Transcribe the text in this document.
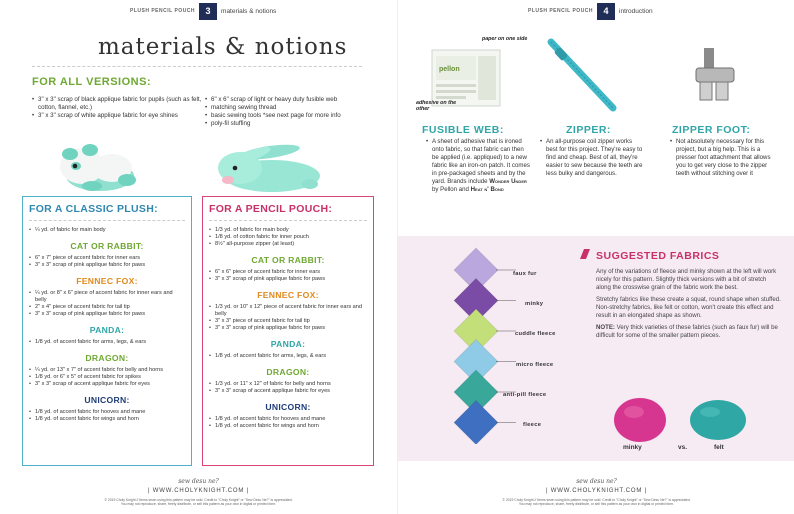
PLUSH PENCIL POUCH	3	materials & notions
materials & notions
FOR ALL VERSIONS:
• 3" x 3" scrap of black applique fabric for pupils (such as felt, cotton, flannel, etc.)
• 3" x 3" scrap of white applique fabric for eye shines
• 6" x 6" scrap of light or heavy duty fusible web
• matching sewing thread
• basic sewing tools *see next page for more info
• poly-fil stuffing
FOR A CLASSIC PLUSH:
• ¼ yd. of fabric for main body
CAT OR RABBIT:
• 6" x 7" piece of accent fabric for inner ears
• 3" x 3" scrap of pink applique fabric for paws
FENNEC FOX:
• ¼ yd. or 8" x 6" piece of accent fabric for inner ears and belly
• 2" x 4" piece of accent fabric for tail tip
• 3" x 3" scrap of pink applique fabric for paws
PANDA:
• 1/8 yd. of accent fabric for arms, legs, & ears
DRAGON:
• ¼ yd. or 13" x 7" of accent fabric for belly and horns
• 1/8 yd. or 6" x 5" of accent fabric for spikes
• 3" x 3" scrap of accent applique fabric for eyes
UNICORN:
• 1/8 yd. of accent fabric for hooves and mane
• 1/8 yd. of accent fabric for wings and horn
FOR A PENCIL POUCH:
• 1/3 yd. of fabric for main body
• 1/8 yd. of cotton fabric for inner pouch
• 8½" all-purpose zipper (at least)
CAT OR RABBIT:
• 6" x 6" piece of accent fabric for inner ears
• 3" x 3" scrap of pink applique fabric for paws
FENNEC FOX:
• 1/3 yd. or 10" x 12" piece of accent fabric for inner ears and belly
• 3" x 3" piece of accent fabric for tail tip
• 3" x 3" scrap of pink applique fabric for paws
PANDA:
• 1/8 yd. of accent fabric for arms, legs, & ears
DRAGON:
• 1/3 yd. or 11" x 12" of fabric for belly and horns
• 3" x 3" scrap of accent applique fabric for eyes
UNICORN:
• 1/8 yd. of accent fabric for hooves and mane
• 1/8 yd. of accent fabric for wings and horn
sew desu ne?
| WWW.CHOLYKNIGHT.COM |
© 2019 Choly Knight // Items sewn using this pattern may be sold. Credit to "Choly Knight" or "Sew Desu Ne?" is appreciated.
You may not reproduce, share, freely distribute, or sell this pattern as your own in digital or printed form.
PLUSH PENCIL POUCH	4	introduction
pellon
paper on one side
adhesive on the other
FUSIBLE WEB:
• A sheet of adhesive that is ironed onto fabric, so that fabric can then be applied (i.e. appliqued) to a new fabric like an iron-on patch. It comes in pre-packaged sheets and by the yard. Brands include Wonder Under by Pellon and Heat n' Bond
ZIPPER:
• An all-purpose coil zipper works best for this project. They're easy to find and cheap. Best of all, they're easier to sew because the teeth are less bulky and dangerous.
ZIPPER FOOT:
• Not absolutely necessary for this project, but a big help. This is a presser foot attachment that allows you to get very close to the zipper teeth without stitching over it
faux fur
minky
cuddle fleece
micro fleece
anti-pill fleece
fleece
SUGGESTED FABRICS

Any of the variations of fleece and minky shown at the left will work nicely for this pattern. Slightly thick versions with a bit of stretch along the crosswise grain of the fabric work the best.

Stretchy fabrics like these create a squat, round shape when stuffed. Non-stretchy fabrics, like felt or cotton, won't create this effect and result in an elongated shape as shown.

NOTE: Very thick varieties of these fabrics (such as faux fur) will be difficult for some of the smaller pattern pieces.

minky	vs.	felt
sew desu ne?
| WWW.CHOLYKNIGHT.COM |
© 2019 Choly Knight // Items sewn using this pattern may be sold. Credit to "Choly Knight" or "Sew Desu Ne?" is appreciated.
You may not reproduce, share, freely distribute, or sell this pattern as your own in digital or printed form.
